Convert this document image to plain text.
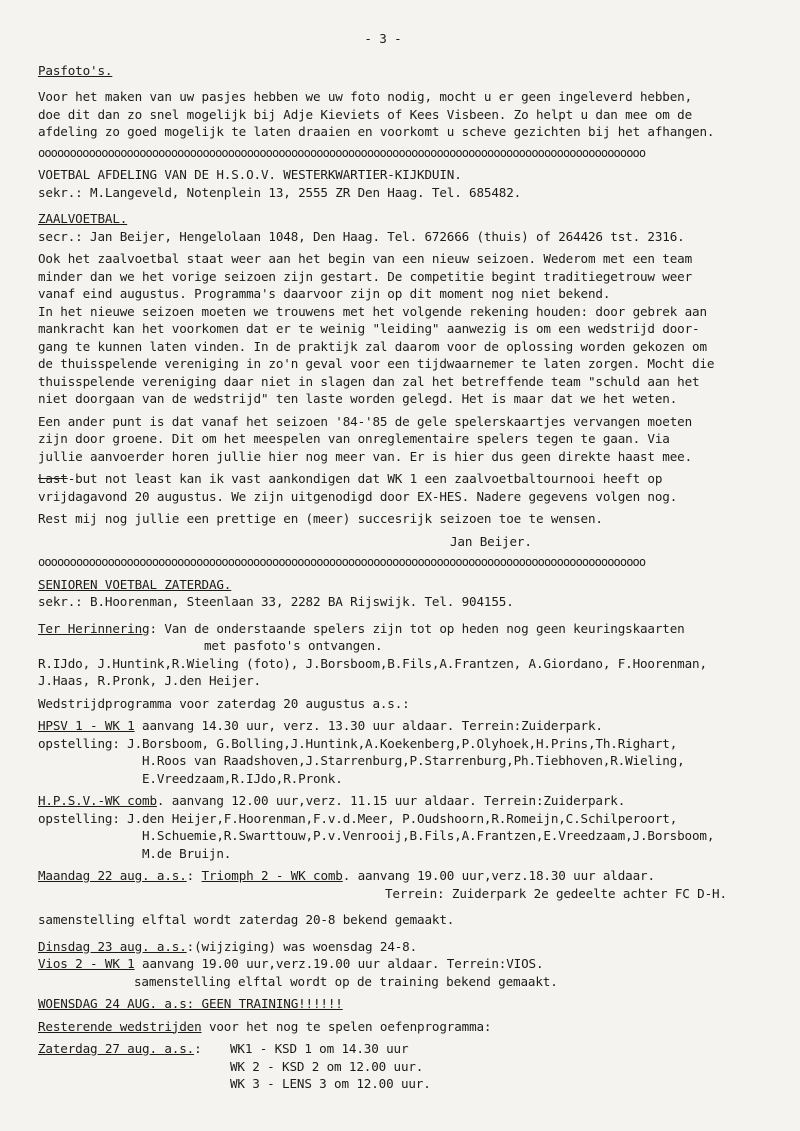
- 3 -
Pasfoto's.
Voor het maken van uw pasjes hebben we uw foto nodig, mocht u er geen ingeleverd hebben,
doe dit dan zo snel mogelijk bij Adje Kieviets of Kees Visbeen. Zo helpt u dan mee om de
afdeling zo goed mogelijk te laten draaien en voorkomt u scheve gezichten bij het afhangen.
oooooooooooooooooooooooooooooooooooooooooooooooooooooooooooooooooooooooooooooooooooooooooooooooo
VOETBAL AFDELING VAN DE H.S.O.V. WESTERKWARTIER-KIJKDUIN.
sekr.: M.Langeveld, Notenplein 13, 2555 ZR Den Haag. Tel. 685482.
ZAALVOETBAL.
secr.: Jan Beijer, Hengelolaan 1048, Den Haag. Tel. 672666 (thuis) of 264426 tst. 2316.
Ook het zaalvoetbal staat weer aan het begin van een nieuw seizoen. Wederom met een team
minder dan we het vorige seizoen zijn gestart. De competitie begint traditiegetrouw weer
vanaf eind augustus. Programma's daarvoor zijn op dit moment nog niet bekend.
In het nieuwe seizoen moeten we trouwens met het volgende rekening houden: door gebrek aan
mankracht kan het voorkomen dat er te weinig "leiding" aanwezig is om een wedstrijd door-
gang te kunnen laten vinden. In de praktijk zal daarom voor de oplossing worden gekozen om
de thuisspelende vereniging in zo'n geval voor een tijdwaarnemer te laten zorgen. Mocht die
thuisspelende vereniging daar niet in slagen dan zal het betreffende team "schuld aan het
niet doorgaan van de wedstrijd" ten laste worden gelegd. Het is maar dat we het weten.
Een ander punt is dat vanaf het seizoen '84-'85 de gele spelerskaartjes vervangen moeten
zijn door groene. Dit om het meespelen van onreglementaire spelers tegen te gaan. Via
jullie aanvoerder horen jullie hier nog meer van. Er is hier dus geen direkte haast mee.
Last-but not least kan ik vast aankondigen dat WK 1 een zaalvoetbaltournooi heeft op
vrijdagavond 20 augustus. We zijn uitgenodigd door EX-HES. Nadere gegevens volgen nog.
Rest mij nog jullie een prettige en (meer) succesrijk seizoen toe te wensen.
Jan Beijer.
oooooooooooooooooooooooooooooooooooooooooooooooooooooooooooooooooooooooooooooooooooooooooooooooo
SENIOREN VOETBAL ZATERDAG.
sekr.: B.Hoorenman, Steenlaan 33, 2282 BA Rijswijk. Tel. 904155.
Ter Herinnering: Van de onderstaande spelers zijn tot op heden nog geen keuringskaarten
met pasfoto's ontvangen.
R.IJdo, J.Huntink,R.Wieling (foto), J.Borsboom,B.Fils,A.Frantzen, A.Giordano, F.Hoorenman,
J.Haas, R.Pronk, J.den Heijer.
Wedstrijdprogramma voor zaterdag 20 augustus a.s.:
HPSV 1 - WK 1 aanvang 14.30 uur, verz. 13.30 uur aldaar. Terrein:Zuiderpark.
opstelling: J.Borsboom, G.Bolling,J.Huntink,A.Koekenberg,P.Olyhoek,H.Prins,Th.Righart,
H.Roos van Raadshoven,J.Starrenburg,P.Starrenburg,Ph.Tiebhoven,R.Wieling,
E.Vreedzaam,R.IJdo,R.Pronk.
H.P.S.V.-WK comb. aanvang 12.00 uur,verz. 11.15 uur aldaar. Terrein:Zuiderpark.
opstelling: J.den Heijer,F.Hoorenman,F.v.d.Meer, P.Oudshoorn,R.Romeijn,C.Schilperoort,
H.Schuemie,R.Swarttouw,P.v.Venrooij,B.Fils,A.Frantzen,E.Vreedzaam,J.Borsboom,
M.de Bruijn.
Maandag 22 aug. a.s.: Triomph 2 - WK comb. aanvang 19.00 uur,verz.18.30 uur aldaar.
Terrein: Zuiderpark 2e gedeelte achter FC D-H.
samenstelling elftal wordt zaterdag 20-8 bekend gemaakt.
Dinsdag 23 aug. a.s.:(wijziging) was woensdag 24-8.
Vios 2 - WK 1 aanvang 19.00 uur,verz.19.00 uur aldaar. Terrein:VIOS.
samenstelling elftal wordt op de training bekend gemaakt.
WOENSDAG 24 AUG. a.s: GEEN TRAINING!!!!!!
Resterende wedstrijden voor het nog te spelen oefenprogramma:
Zaterdag 27 aug. a.s.:	WK1 - KSD 1 om 14.30 uur
WK 2 - KSD 2 om 12.00 uur.
WK 3 - LENS 3 om 12.00 uur.
